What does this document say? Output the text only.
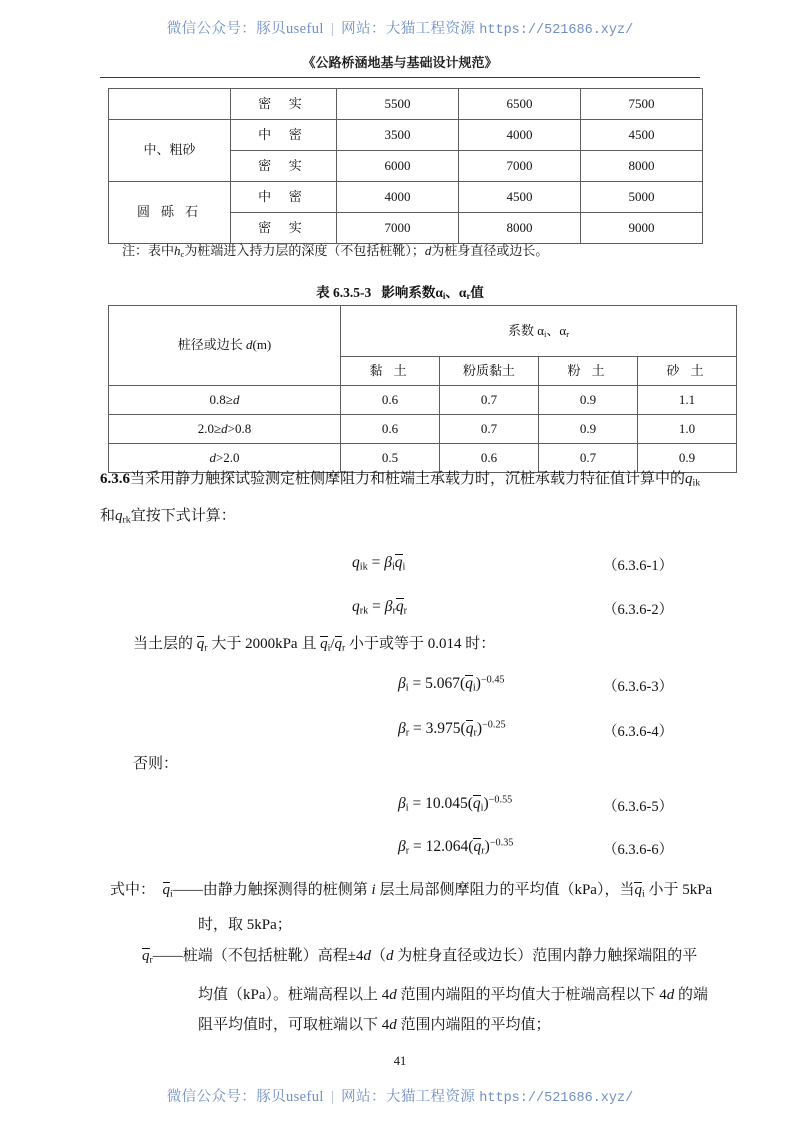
微信公众号：豚贝useful | 网站：大猫工程资源 https://521686.xyz/
《公路桥涵地基与基础设计规范》
	密 实	5500	6500	7500
中、粗砂	中 密	3500	4000	4500
	密 实	6000	7000	8000
圆 砾 石	中 密	4000	4500	5000
	密 实	7000	8000	9000
注：表中$h_c$为桩端进入持力层的深度（不包括桩靴）；d为桩身直径或边长。
表 6.3.5-3 影响系数$\alpha_i$、$\alpha_r$值
桩径或边长 d(m)	系数 $\alpha_i$、$\alpha_r$
	黏 土	粉质黏土	粉 土	砂 土
0.8≥d	0.6	0.7	0.9	1.1
2.0≥d>0.8	0.6	0.7	0.9	1.0
d>2.0	0.5	0.6	0.7	0.9
6.3.6当采用静力触探试验测定桩侧摩阻力和桩端土承载力时，沉桩承载力特征值计算中的$q_{ik}$
和$q_{rk}$宜按下式计算：
$q_{ik} = \beta_iq_i$	（6.3.6-1）
$q_{rk} = \beta_rq_r$	（6.3.6-2）
当土层的 $q_r$ 大于 2000kPa 且 $q_i/q_r$ 小于或等于 0.014 时：
$\beta_i = 5.067(q_i)^{-0.45}$	（6.3.6-3）
$\beta_r = 3.975(q_r)^{-0.25}$	（6.3.6-4）
否则：
$\beta_i = 10.045(q_i)^{-0.55}$	（6.3.6-5）
$\beta_r = 12.064(q_r)^{-0.35}$	（6.3.6-6）
式中： $q_i——$由静力触探测得的桩侧第 i 层土局部侧摩阻力的平均值（kPa），当$q_i$ 小于 5kPa
时，取 5kPa；
$q_r——$桩端（不包括桩靴）高程±4d（d 为桩身直径或边长）范围内静力触探端阻的平
均值（kPa）。桩端高程以上 4d 范围内端阻的平均值大于桩端高程以下 4d 的端
阻平均值时，可取桩端以下 4d 范围内端阻的平均值；
41
微信公众号：豚贝useful | 网站：大猫工程资源 https://521686.xyz/
